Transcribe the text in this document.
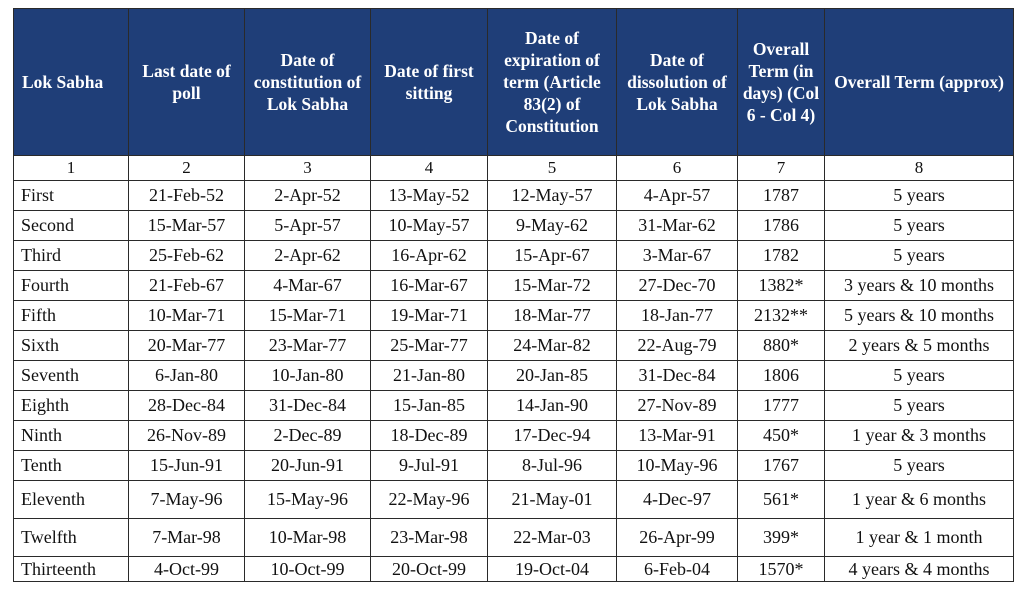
Lok Sabha	Last date of poll	Date of constitution of Lok Sabha	Date of first sitting	Date of expiration of term (Article 83(2) of Constitution	Date of dissolution of Lok Sabha	Overall Term (in days) (Col 6 - Col 4)	Overall Term (approx)
1	2	3	4	5	6	7	8
First	21-Feb-52	2-Apr-52	13-May-52	12-May-57	4-Apr-57	1787	5 years
Second	15-Mar-57	5-Apr-57	10-May-57	9-May-62	31-Mar-62	1786	5 years
Third	25-Feb-62	2-Apr-62	16-Apr-62	15-Apr-67	3-Mar-67	1782	5 years
Fourth	21-Feb-67	4-Mar-67	16-Mar-67	15-Mar-72	27-Dec-70	1382*	3 years & 10 months
Fifth	10-Mar-71	15-Mar-71	19-Mar-71	18-Mar-77	18-Jan-77	2132**	5 years & 10 months
Sixth	20-Mar-77	23-Mar-77	25-Mar-77	24-Mar-82	22-Aug-79	880*	2 years & 5 months
Seventh	6-Jan-80	10-Jan-80	21-Jan-80	20-Jan-85	31-Dec-84	1806	5 years
Eighth	28-Dec-84	31-Dec-84	15-Jan-85	14-Jan-90	27-Nov-89	1777	5 years
Ninth	26-Nov-89	2-Dec-89	18-Dec-89	17-Dec-94	13-Mar-91	450*	1 year & 3 months
Tenth	15-Jun-91	20-Jun-91	9-Jul-91	8-Jul-96	10-May-96	1767	5 years
Eleventh	7-May-96	15-May-96	22-May-96	21-May-01	4-Dec-97	561*	1 year & 6 months
Twelfth	7-Mar-98	10-Mar-98	23-Mar-98	22-Mar-03	26-Apr-99	399*	1 year & 1 month
Thirteenth	4-Oct-99	10-Oct-99	20-Oct-99	19-Oct-04	6-Feb-04	1570*	4 years & 4 months
